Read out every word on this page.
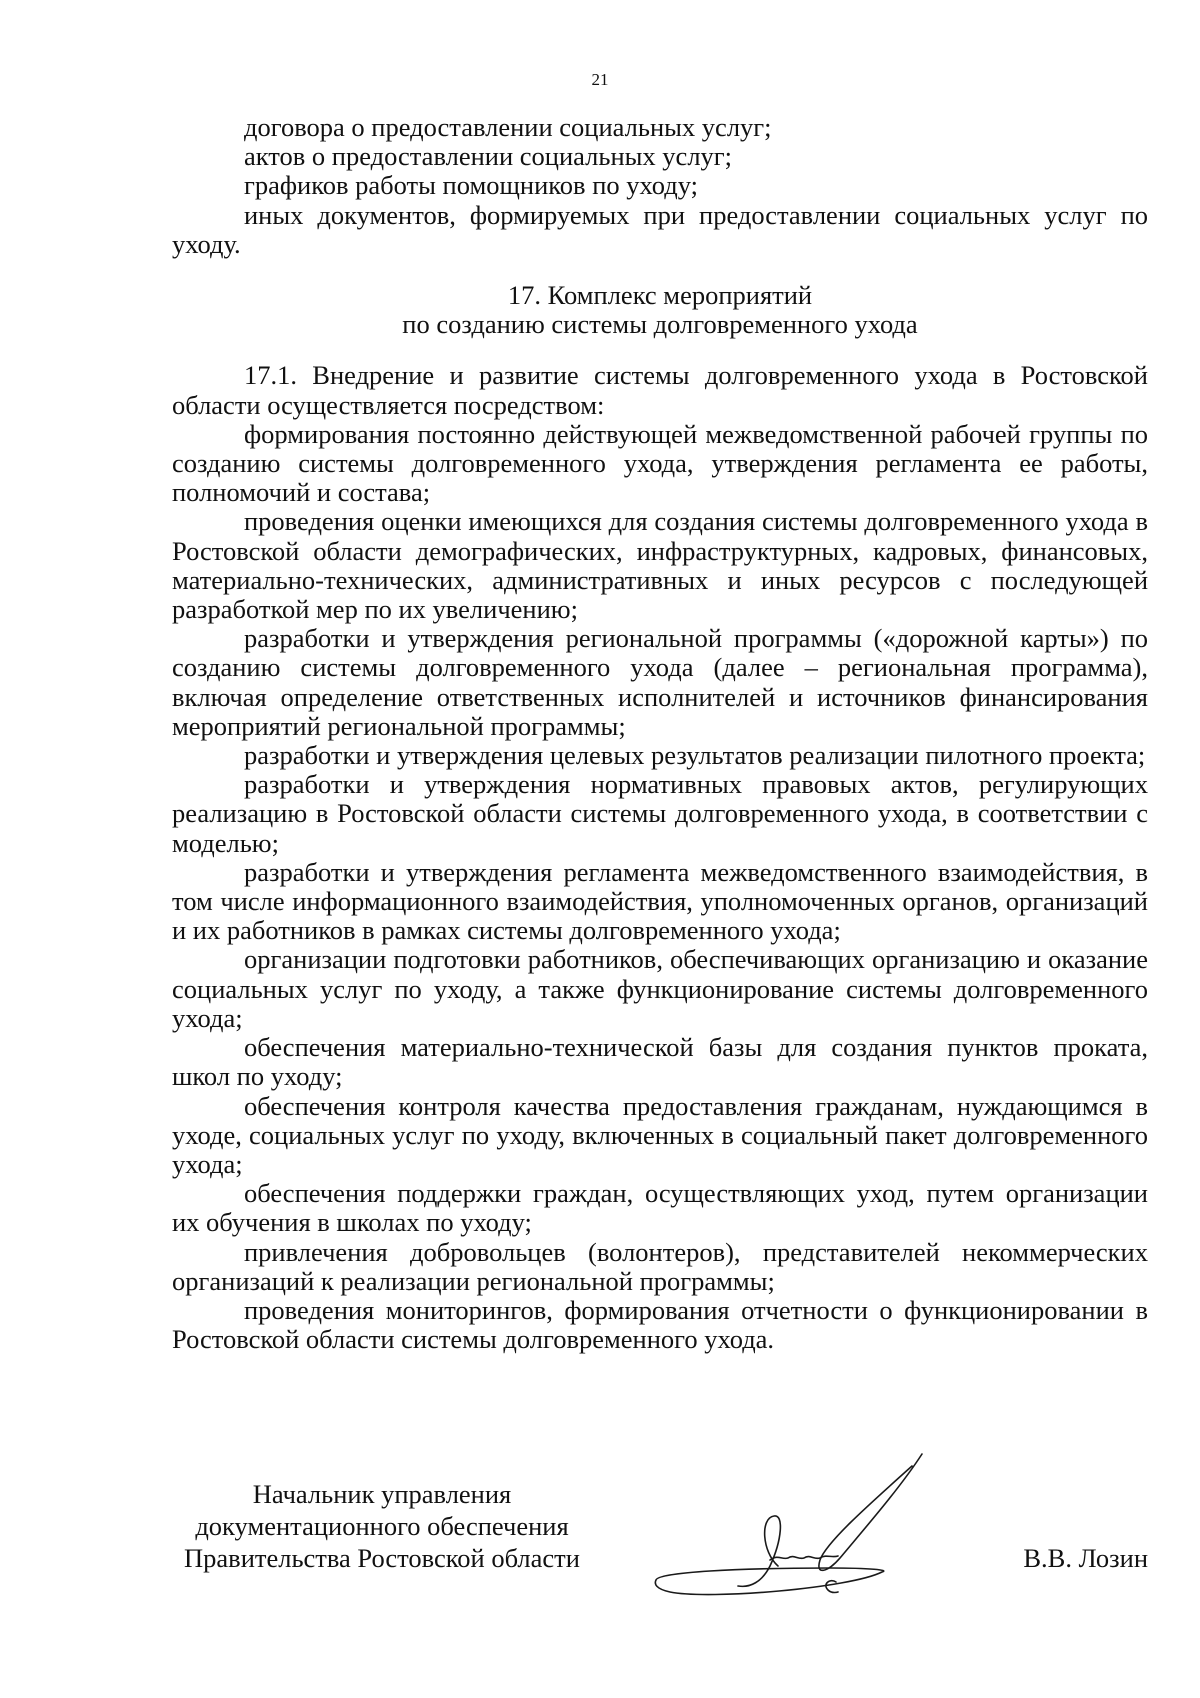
21

договора о предоставлении социальных услуг;

актов о предоставлении социальных услуг;

графиков работы помощников по уходу;

иных документов, формируемых при предоставлении социальных услуг по уходу.

17. Комплекс мероприятий
по созданию системы долговременного ухода

17.1. Внедрение и развитие системы долговременного ухода в Ростовской области осуществляется посредством:

формирования постоянно действующей межведомственной рабочей группы по созданию системы долговременного ухода, утверждения регламента ее работы, полномочий и состава;

проведения оценки имеющихся для создания системы долговременного ухода в Ростовской области демографических, инфраструктурных, кадровых, финансовых, материально-технических, административных и иных ресурсов с последующей разработкой мер по их увеличению;

разработки и утверждения региональной программы («дорожной карты») по созданию системы долговременного ухода (далее – региональная программа), включая определение ответственных исполнителей и источников финансирования мероприятий региональной программы;

разработки и утверждения целевых результатов реализации пилотного проекта;

разработки и утверждения нормативных правовых актов, регулирующих реализацию в Ростовской области системы долговременного ухода, в соответствии с моделью;

разработки и утверждения регламента межведомственного взаимодействия, в том числе информационного взаимодействия, уполномоченных органов, организаций и их работников в рамках системы долговременного ухода;

организации подготовки работников, обеспечивающих организацию и оказание социальных услуг по уходу, а также функционирование системы долговременного ухода;

обеспечения материально-технической базы для создания пунктов проката, школ по уходу;

обеспечения контроля качества предоставления гражданам, нуждающимся в уходе, социальных услуг по уходу, включенных в социальный пакет долговременного ухода;

обеспечения поддержки граждан, осуществляющих уход, путем организации их обучения в школах по уходу;

привлечения добровольцев (волонтеров), представителей некоммерческих организаций к реализации региональной программы;

проведения мониторингов, формирования отчетности о функционировании в Ростовской области системы долговременного ухода.

Начальник управления
документационного обеспечения
Правительства Ростовской области	В.В. Лозин
